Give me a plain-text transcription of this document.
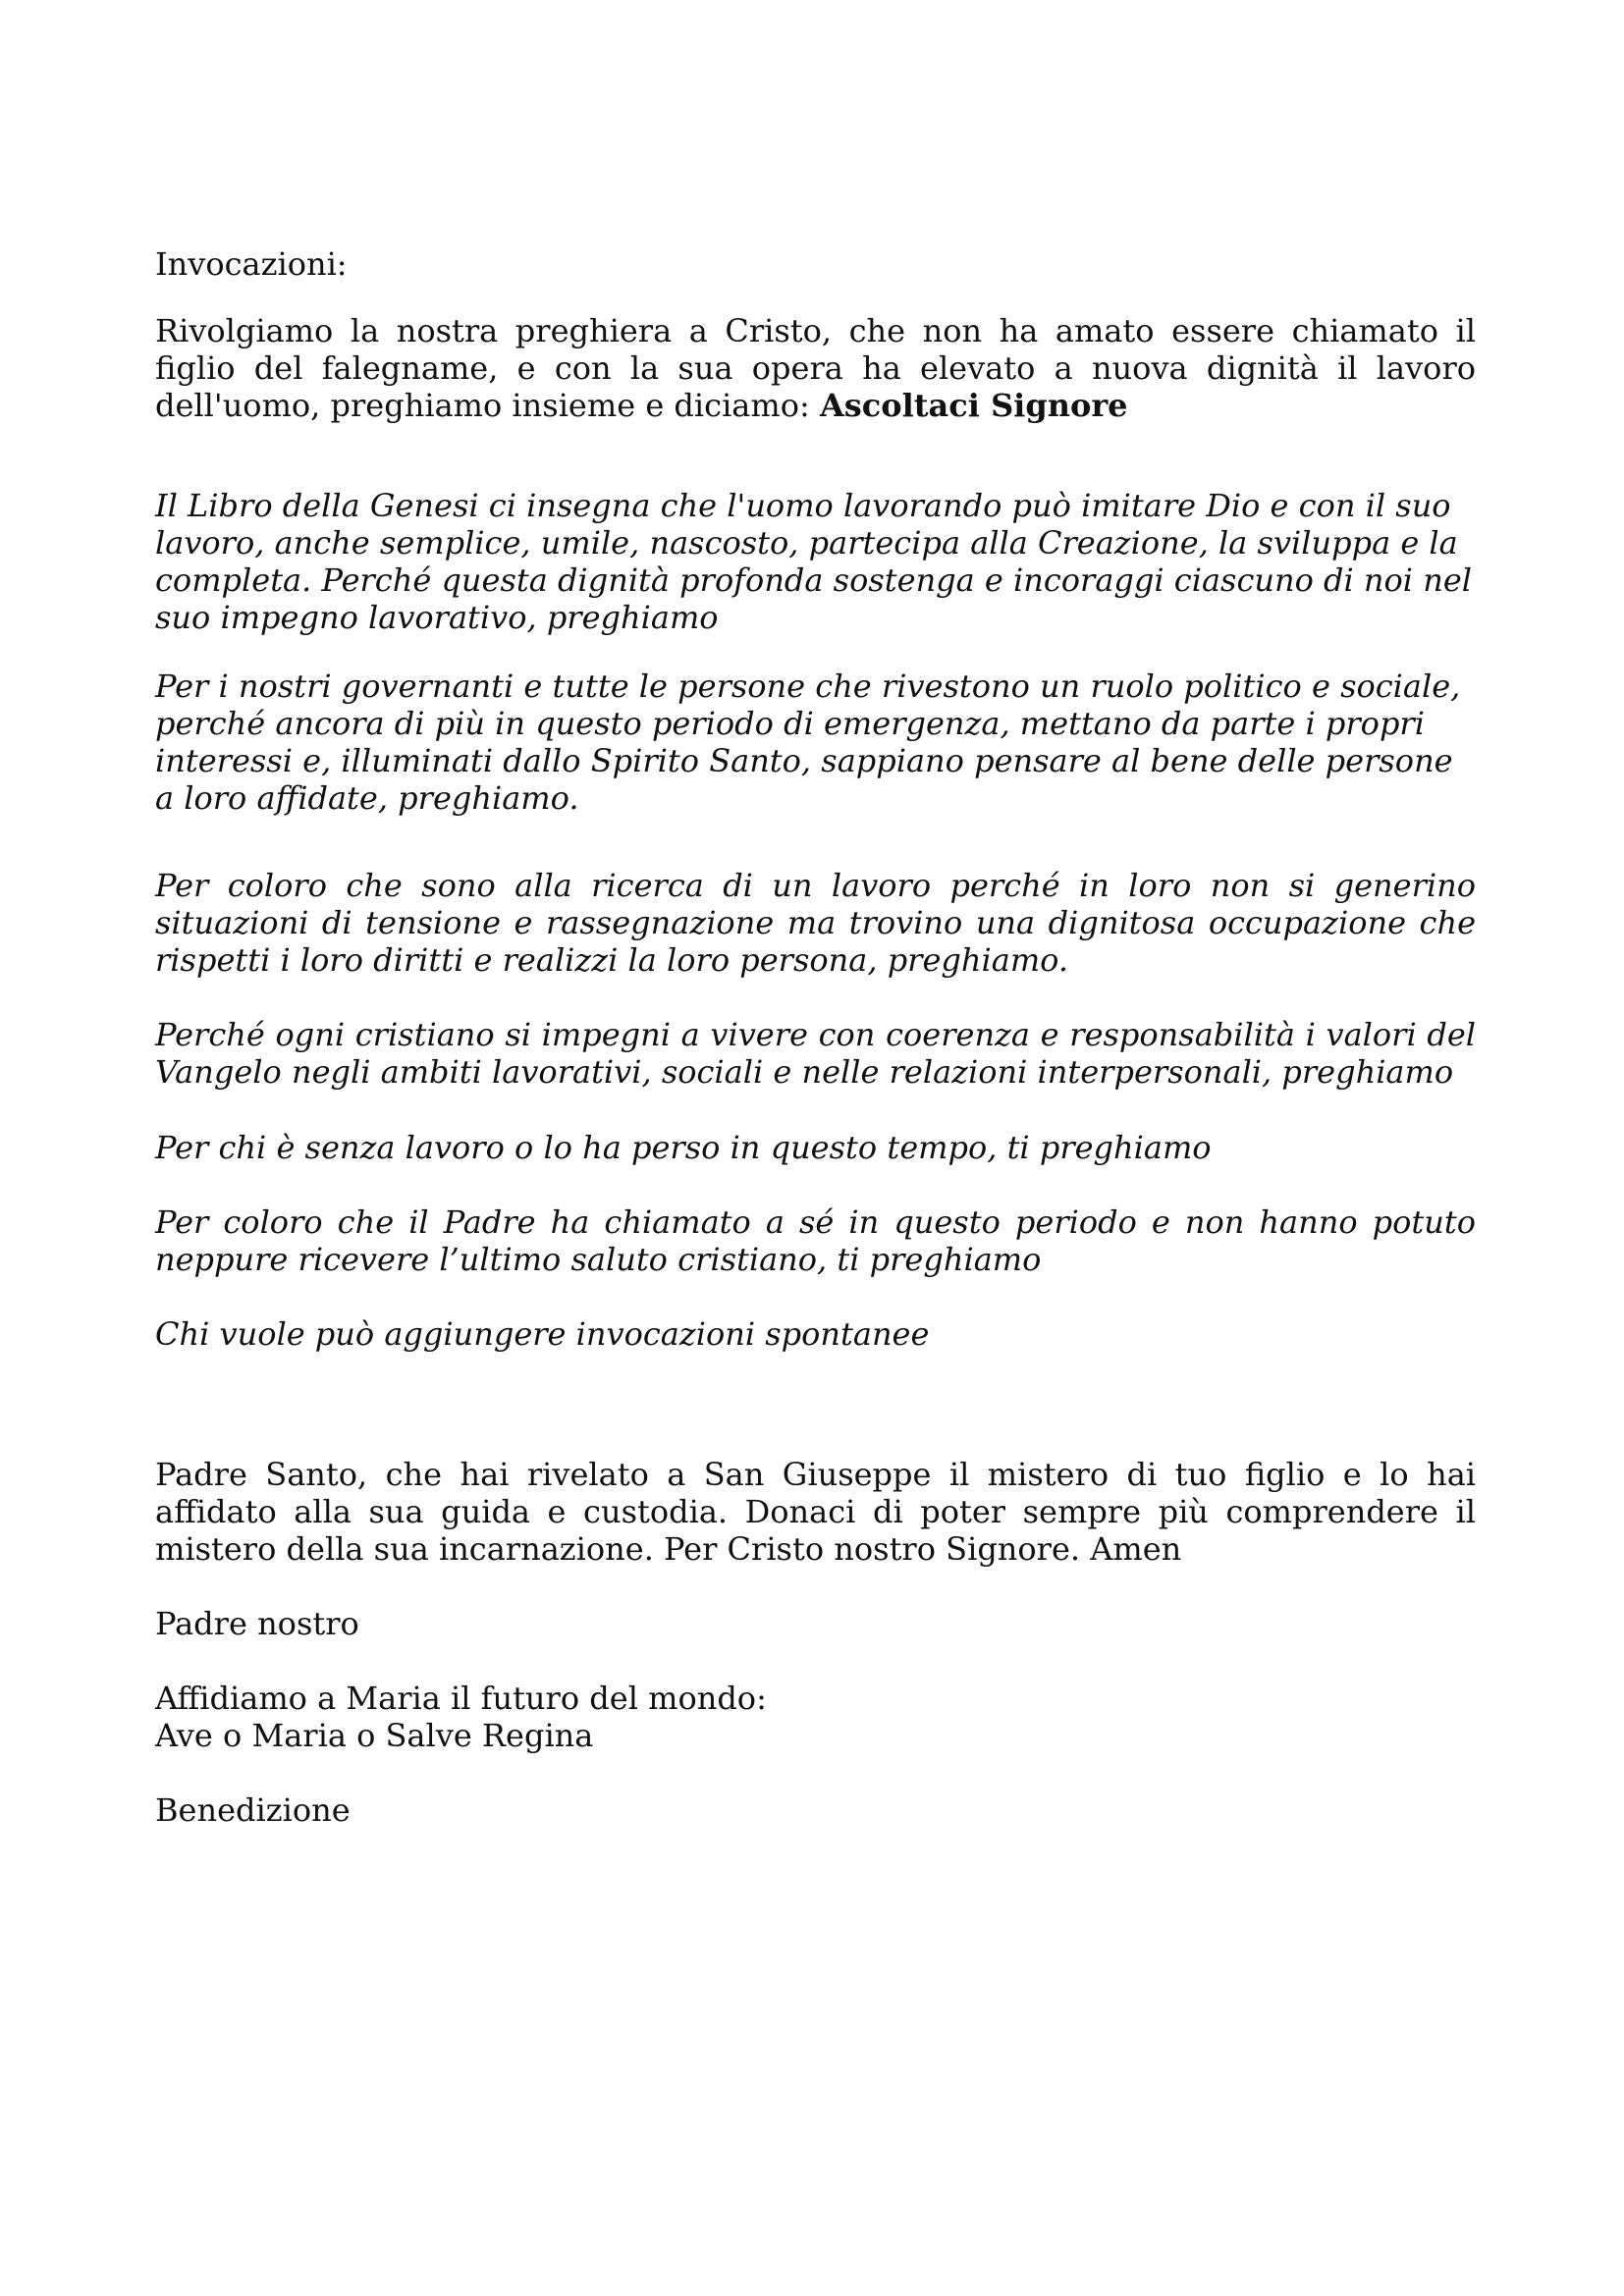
Invocazioni:

Rivolgiamo la nostra preghiera a Cristo, che non ha amato essere chiamato il figlio del falegname, e con la sua opera ha elevato a nuova dignità il lavoro dell'uomo, preghiamo insieme e diciamo: Ascoltaci Signore

Il Libro della Genesi ci insegna che l'uomo lavorando può imitare Dio e con il suo lavoro, anche semplice, umile, nascosto, partecipa alla Creazione, la sviluppa e la completa. Perché questa dignità profonda sostenga e incoraggi ciascuno di noi nel suo impegno lavorativo, preghiamo

Per i nostri governanti e tutte le persone che rivestono un ruolo politico e sociale, perché ancora di più in questo periodo di emergenza, mettano da parte i propri interessi e, illuminati dallo Spirito Santo, sappiano pensare al bene delle persone a loro affidate, preghiamo.

Per coloro che sono alla ricerca di un lavoro perché in loro non si generino situazioni di tensione e rassegnazione ma trovino una dignitosa occupazione che rispetti i loro diritti e realizzi la loro persona, preghiamo.

Perché ogni cristiano si impegni a vivere con coerenza e responsabilità i valori del Vangelo negli ambiti lavorativi, sociali e nelle relazioni interpersonali, preghiamo

Per chi è senza lavoro o lo ha perso in questo tempo, ti preghiamo

Per coloro che il Padre ha chiamato a sé in questo periodo e non hanno potuto neppure ricevere l’ultimo saluto cristiano, ti preghiamo

Chi vuole può aggiungere invocazioni spontanee

Padre Santo, che hai rivelato a San Giuseppe il mistero di tuo figlio e lo hai affidato alla sua guida e custodia. Donaci di poter sempre più comprendere il mistero della sua incarnazione. Per Cristo nostro Signore. Amen

Padre nostro

Affidiamo a Maria il futuro del mondo:
Ave o Maria o Salve Regina

Benedizione
